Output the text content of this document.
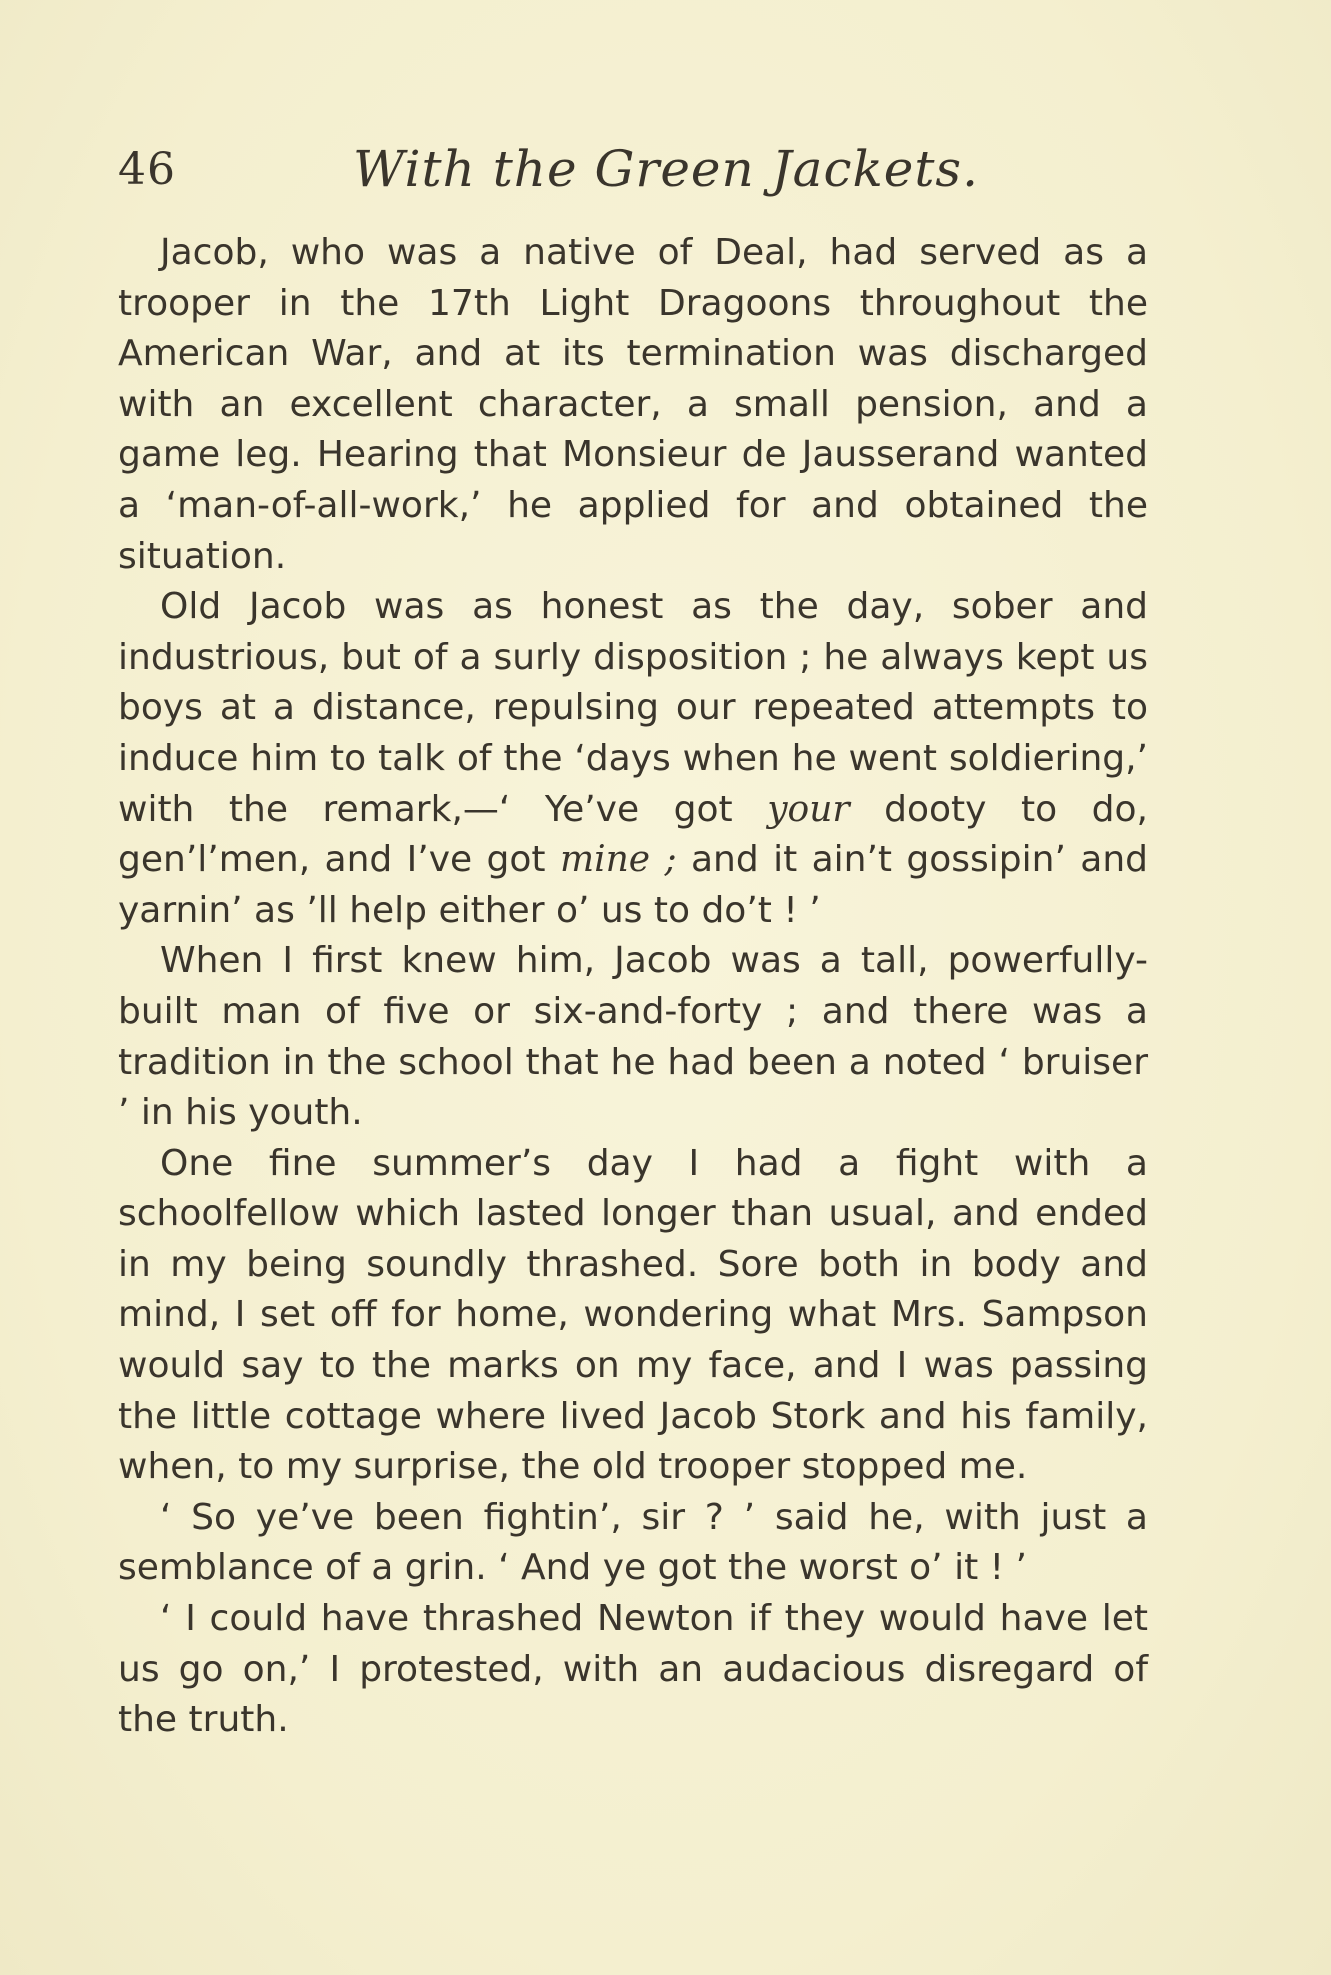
46	With the Green Jackets.

Jacob, who was a native of Deal, had served as a trooper in the 17th Light Dragoons throughout the American War, and at its termination was discharged with an excellent character, a small pension, and a game leg. Hearing that Monsieur de Jausserand wanted a ‘man-of-all-work,’ he applied for and obtained the situation.

Old Jacob was as honest as the day, sober and industrious, but of a surly disposition ; he always kept us boys at a distance, repulsing our repeated attempts to induce him to talk of the ‘days when he went soldiering,’ with the remark,—‘ Ye’ve got your dooty to do, gen’l’men, and I’ve got mine ; and it ain’t gossipin’ and yarnin’ as ’ll help either o’ us to do’t ! ’

When I first knew him, Jacob was a tall, powerfully-built man of five or six-and-forty ; and there was a tradition in the school that he had been a noted ‘ bruiser ’ in his youth.

One fine summer’s day I had a fight with a schoolfellow which lasted longer than usual, and ended in my being soundly thrashed. Sore both in body and mind, I set off for home, wondering what Mrs. Sampson would say to the marks on my face, and I was passing the little cottage where lived Jacob Stork and his family, when, to my surprise, the old trooper stopped me.

‘ So ye’ve been fightin’, sir ? ’ said he, with just a semblance of a grin. ‘ And ye got the worst o’ it ! ’

‘ I could have thrashed Newton if they would have let us go on,’ I protested, with an audacious disregard of the truth.
